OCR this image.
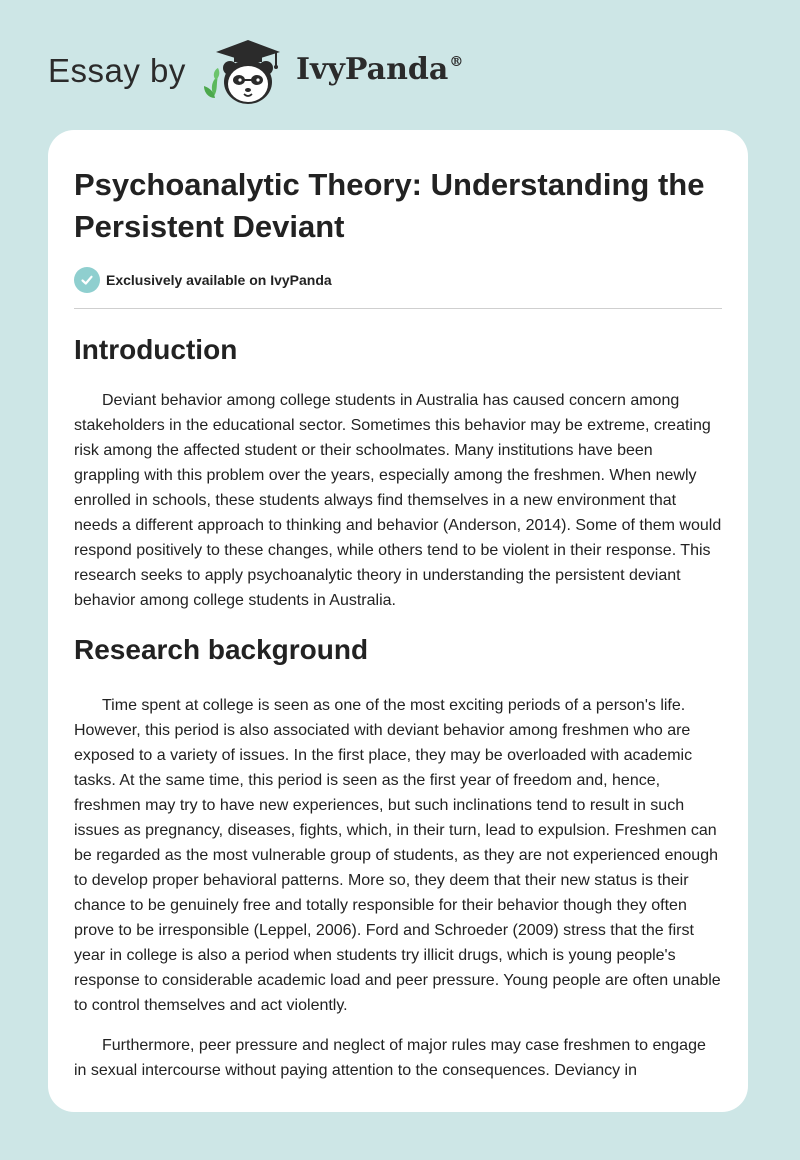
Essay by	IvyPanda®
Psychoanalytic Theory: Understanding the Persistent Deviant
Exclusively available on IvyPanda
Introduction

Deviant behavior among college students in Australia has caused concern among stakeholders in the educational sector. Sometimes this behavior may be extreme, creating risk among the affected student or their schoolmates. Many institutions have been grappling with this problem over the years, especially among the freshmen. When newly enrolled in schools, these students always find themselves in a new environment that needs a different approach to thinking and behavior (Anderson, 2014). Some of them would respond positively to these changes, while others tend to be violent in their response. This research seeks to apply psychoanalytic theory in understanding the persistent deviant behavior among college students in Australia.

Research background

Time spent at college is seen as one of the most exciting periods of a person's life. However, this period is also associated with deviant behavior among freshmen who are exposed to a variety of issues. In the first place, they may be overloaded with academic tasks. At the same time, this period is seen as the first year of freedom and, hence, freshmen may try to have new experiences, but such inclinations tend to result in such issues as pregnancy, diseases, fights, which, in their turn, lead to expulsion. Freshmen can be regarded as the most vulnerable group of students, as they are not experienced enough to develop proper behavioral patterns. More so, they deem that their new status is their chance to be genuinely free and totally responsible for their behavior though they often prove to be irresponsible (Leppel, 2006). Ford and Schroeder (2009) stress that the first year in college is also a period when students try illicit drugs, which is young people's response to considerable academic load and peer pressure. Young people are often unable to control themselves and act violently.

Furthermore, peer pressure and neglect of major rules may case freshmen to engage in sexual intercourse without paying attention to the consequences. Deviancy in
